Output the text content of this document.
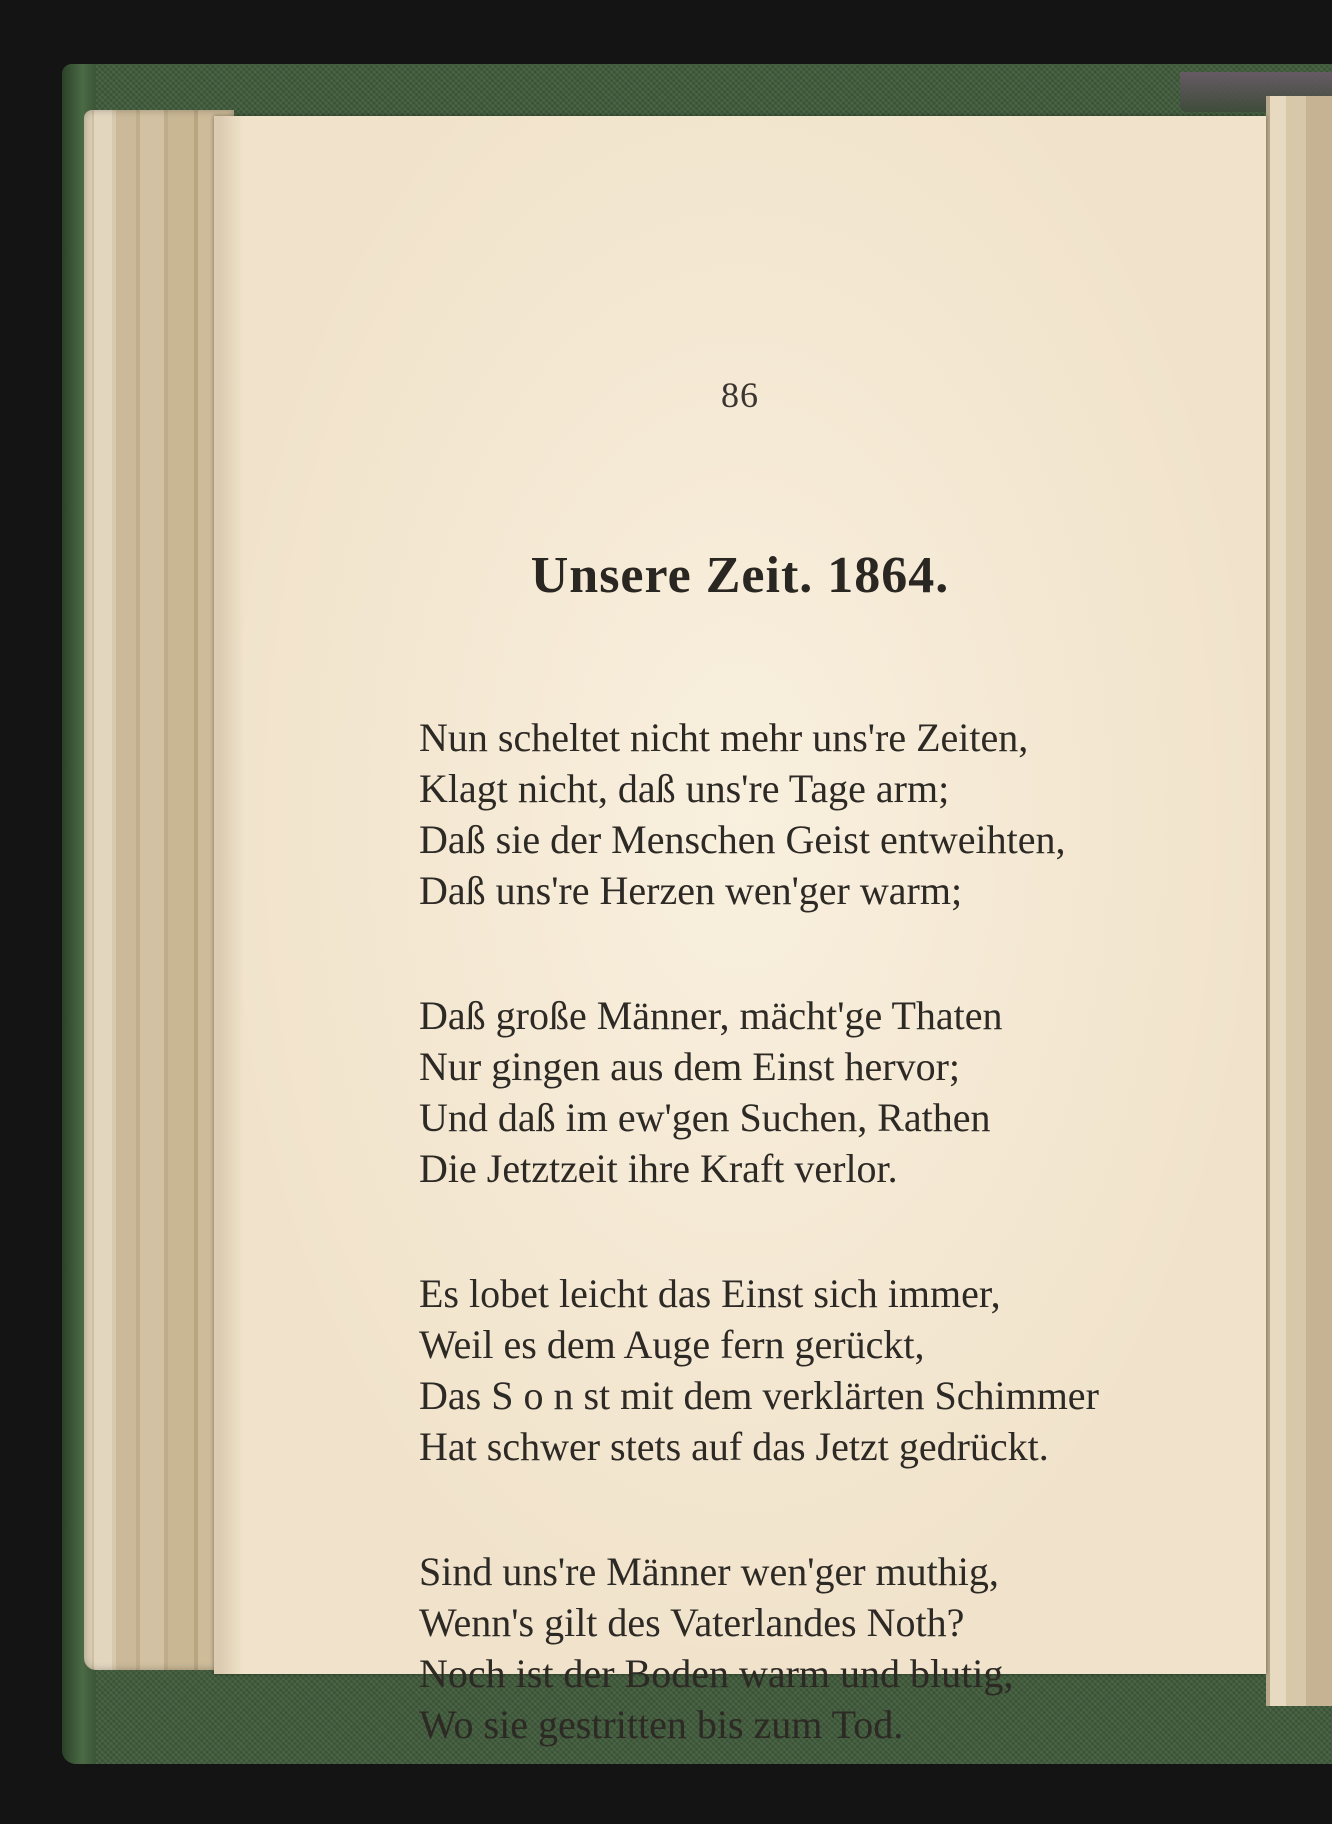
86
Unsere Zeit. 1864.
Nun scheltet nicht mehr uns're Zeiten,
Klagt nicht, daß uns're Tage arm;
Daß sie der Menschen Geist entweihten,
Daß uns're Herzen wen'ger warm;
Daß große Männer, mächt'ge Thaten
Nur gingen aus dem Einst hervor;
Und daß im ew'gen Suchen, Rathen
Die Jetztzeit ihre Kraft verlor.
Es lobet leicht das Einst sich immer,
Weil es dem Auge fern gerückt,
Das S o n st mit dem verklärten Schimmer
Hat schwer stets auf das Jetzt gedrückt.
Sind uns're Männer wen'ger muthig,
Wenn's gilt des Vaterlandes Noth?
Noch ist der Boden warm und blutig,
Wo sie gestritten bis zum Tod.
